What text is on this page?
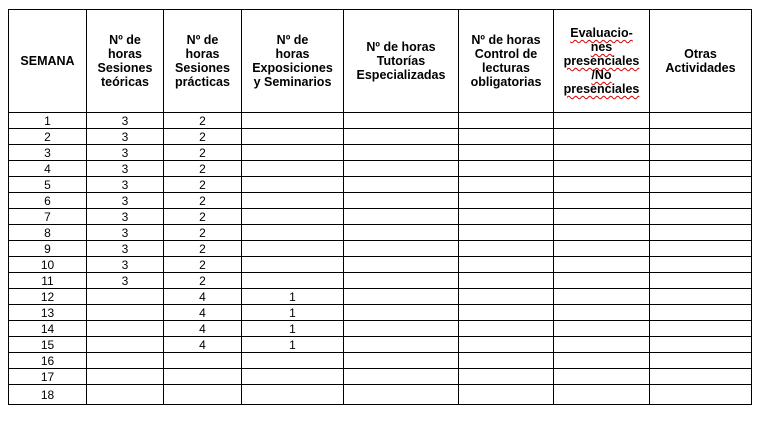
SEMANA	Nº de
horas
Sesiones
teóricas	Nº de
horas
Sesiones
prácticas	Nº de
horas
Exposiciones
y Seminarios	Nº de horas
Tutorías
Especializadas	Nº de horas
Control de
lecturas
obligatorias	Evaluacio-
nes
presenciales
/No
presenciales	Otras
Actividades
1	3	2					
2	3	2					
3	3	2					
4	3	2					
5	3	2					
6	3	2					
7	3	2					
8	3	2					
9	3	2					
10	3	2					
11	3	2					
12		4	1				
13		4	1				
14		4	1				
15		4	1				
16							
17							
18							
